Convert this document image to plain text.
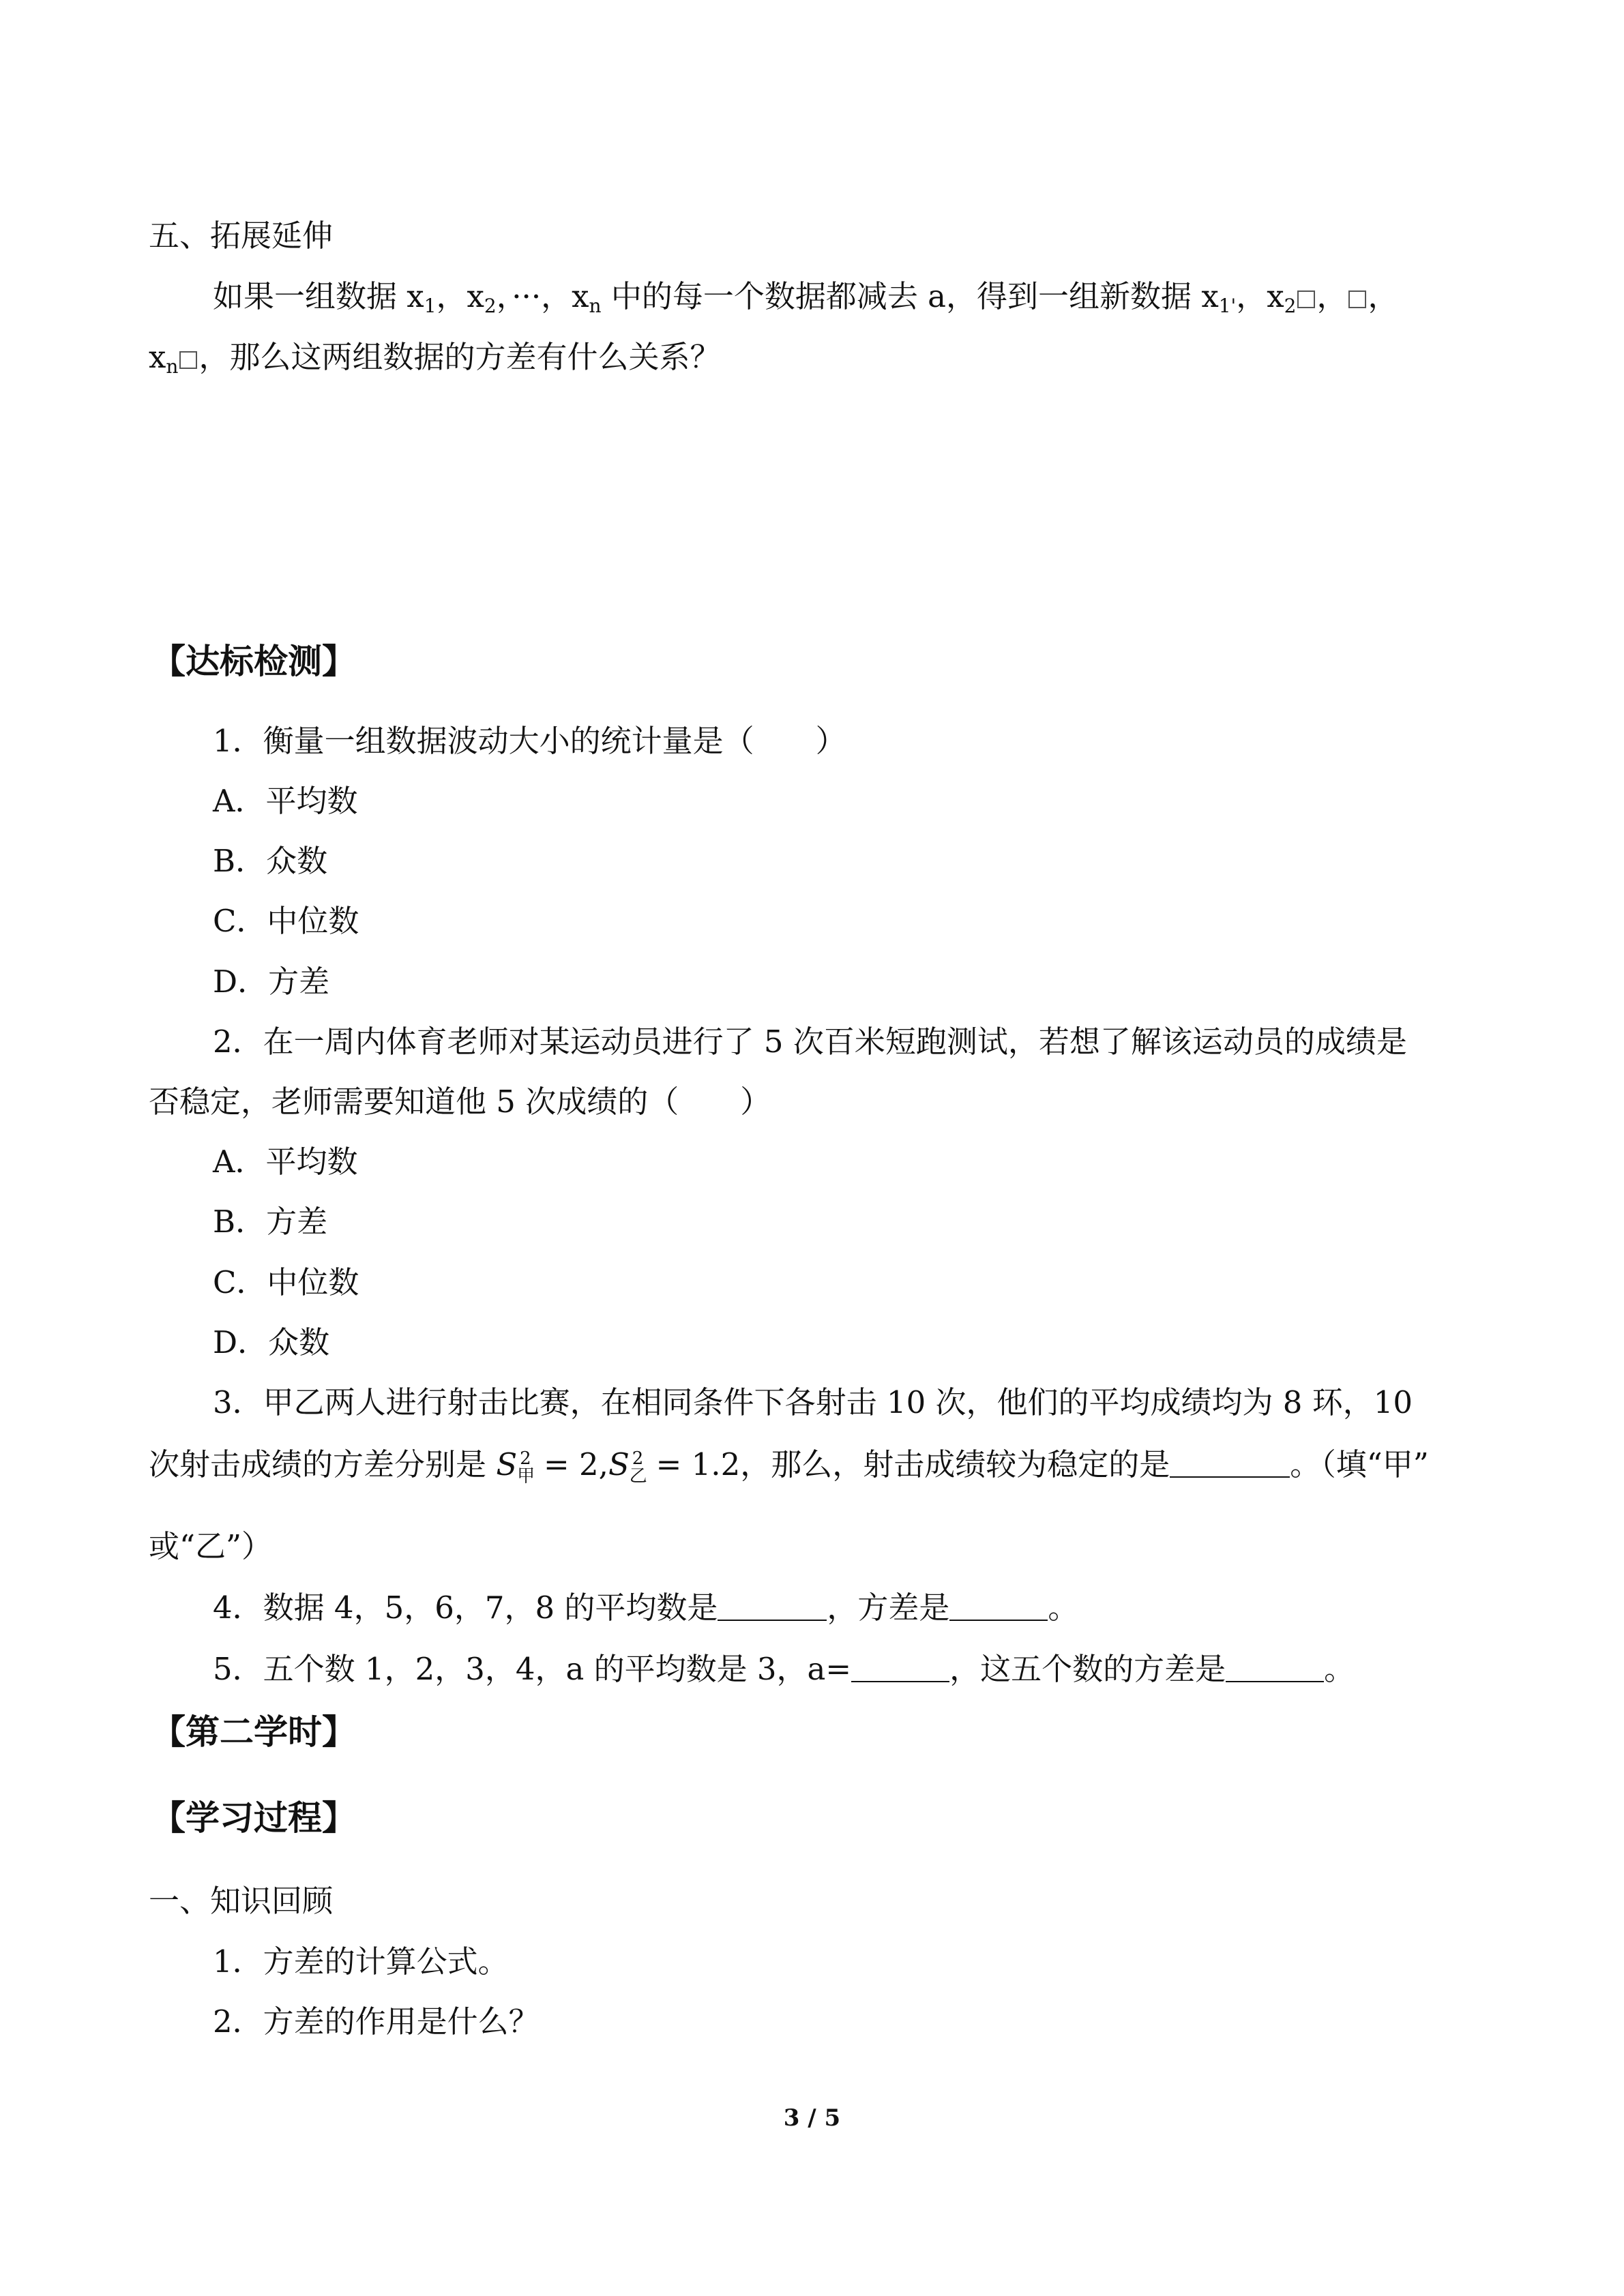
五、拓展延伸
如果一组数据 $x_1$，$x_2$，···，$x_n$ 中的每一个数据都减去 a，得到一组新数据 $x_{1'}$，$x_2$ ， ，
$x_n$ ，那么这两组数据的方差有什么关系？
【达标检测】
1．衡量一组数据波动大小的统计量是（　　）
A．平均数
B．众数
C．中位数
D．方差
2．在一周内体育老师对某运动员进行了 5 次百米短跑测试，若想了解该运动员的成绩是
否稳定，老师需要知道他 5 次成绩的（　　）
A．平均数
B．方差
C．中位数
D．众数
3．甲乙两人进行射击比赛，在相同条件下各射击 10 次，他们的平均成绩均为 8 环，10
次射击成绩的方差分别是 $S_甲^2 = 2,S_乙^2 = 1.2$，那么，射击成绩较为稳定的是	。（填“甲”
或“乙”）
4．数据 4，5，6，7，8 的平均数是	，方差是	。
5．五个数 1，2，3，4，a 的平均数是 3，a=	，这五个数的方差是	。
【第二学时】
【学习过程】
一、知识回顾
1．方差的计算公式。
2．方差的作用是什么？
3 / 5
